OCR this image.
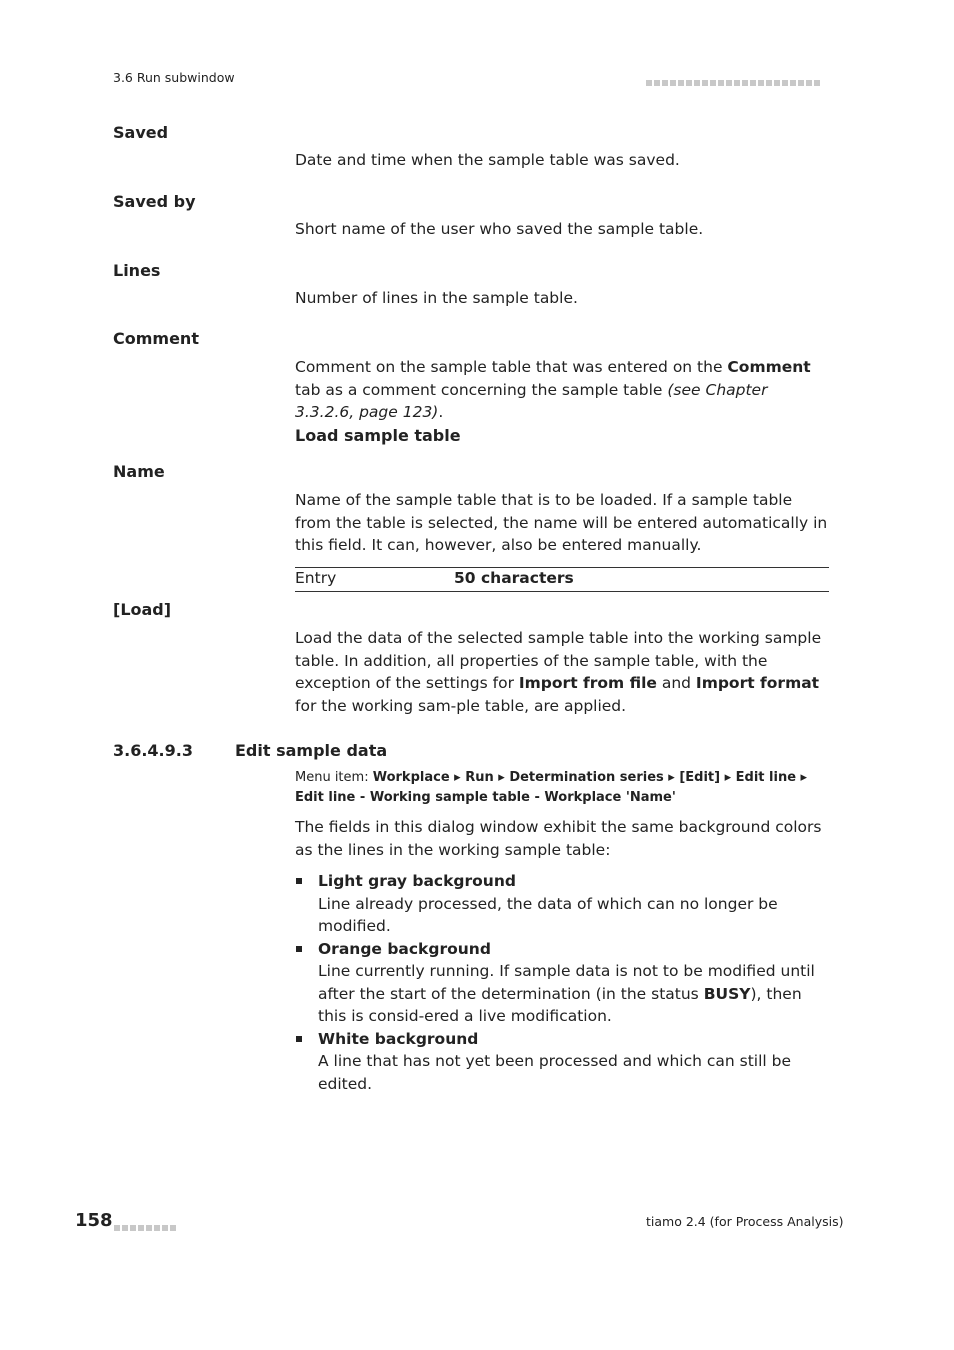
3.6 Run subwindow
Saved
Date and time when the sample table was saved.
Saved by
Short name of the user who saved the sample table.
Lines
Number of lines in the sample table.
Comment
Comment on the sample table that was entered on the Comment tab as a comment concerning the sample table (see Chapter 3.3.2.6, page 123).
Load sample table
Name
Name of the sample table that is to be loaded. If a sample table from the table is selected, the name will be entered automatically in this field. It can, however, also be entered manually.
Entry	50 characters
[Load]
Load the data of the selected sample table into the working sample table. In addition, all properties of the sample table, with the exception of the settings for Import from file and Import format for the working sam-ple table, are applied.
3.6.4.9.3	Edit sample data
Menu item: Workplace ▸ Run ▸ Determination series ▸ [Edit] ▸ Edit line ▸ Edit line - Working sample table - Workplace 'Name'
The fields in this dialog window exhibit the same background colors as the lines in the working sample table:
Light gray background
Line already processed, the data of which can no longer be modified.
Orange background
Line currently running. If sample data is not to be modified until after the start of the determination (in the status BUSY), then this is consid-ered a live modification.
White background
A line that has not yet been processed and which can still be edited.
158	tiamo 2.4 (for Process Analysis)
